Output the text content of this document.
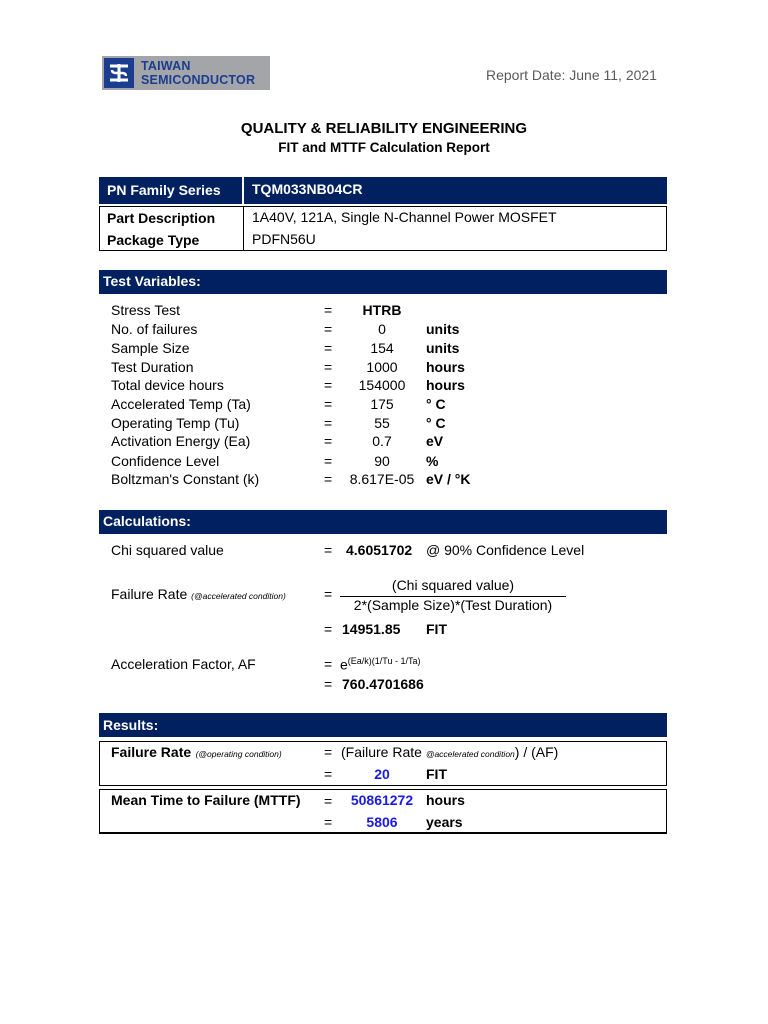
TAIWAN
SEMICONDUCTOR	Report Date: June 11, 2021
QUALITY & RELIABILITY ENGINEERING
FIT and MTTF Calculation Report
PN Family Series TQM033NB04CR
Part Description	1A40V, 121A, Single N-Channel Power MOSFET
Package Type	PDFN56U
Test Variables:
Stress Test	=	HTRB
No. of failures	=	0	units
Sample Size	=	154	units
Test Duration	=	1000	hours
Total device hours	=	154000	hours
Accelerated Temp (Ta)	=	175	° C
Operating Temp (Tu)	=	55	° C
Activation Energy (Ea)	=	0.7	eV
Confidence Level	=	90	%
Boltzman's Constant (k)	=	8.617E-05 eV / °K
Calculations:
Chi squared value	= 4.6051702 @ 90% Confidence Level
Failure Rate (@accelerated condition)	=
(Chi squared value)
2*(Sample Size)*(Test Duration)
= 14951.85 FIT
Acceleration Factor, AF	= $e^{(Ea/k)(1/Tu - 1/Ta)}$
= 760.4701686
Results:
Failure Rate (@operating condition)	= (Failure Rate @accelerated condition) / (AF)
=	20	FIT
Mean Time to Failure (MTTF) =	50861272 hours
=	5806	years
